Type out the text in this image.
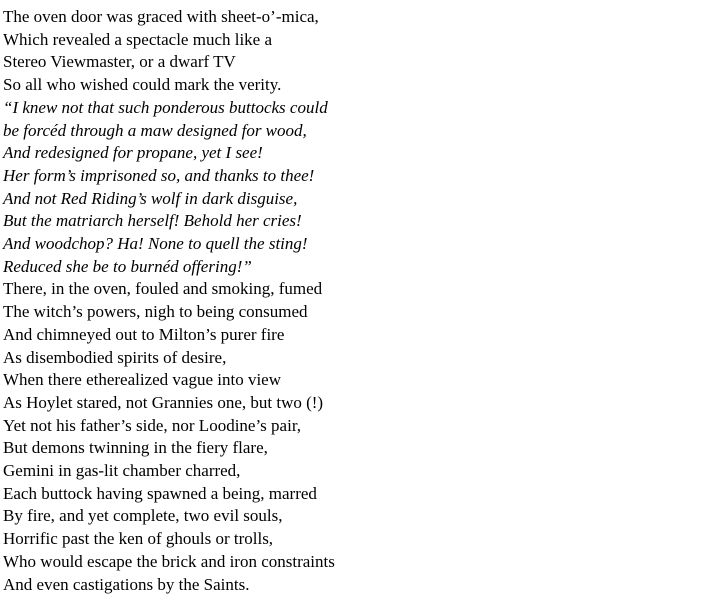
The oven door was graced with sheet-o’-mica,
Which revealed a spectacle much like a
Stereo Viewmaster, or a dwarf TV
So all who wished could mark the verity.
“I knew not that such ponderous buttocks could
be forcéd through a maw designed for wood,
And redesigned for propane, yet I see!
Her form’s imprisoned so, and thanks to thee!
And not Red Riding’s wolf in dark disguise,
But the matriarch herself! Behold her cries!
And woodchop? Ha! None to quell the sting!
Reduced she be to burnéd offering!”
There, in the oven, fouled and smoking, fumed
The witch’s powers, nigh to being consumed
And chimneyed out to Milton’s purer fire
As disembodied spirits of desire,
When there etherealized vague into view
As Hoylet stared, not Grannies one, but two (!)
Yet not his father’s side, nor Loodine’s pair,
But demons twinning in the fiery flare,
Gemini in gas-lit chamber charred,
Each buttock having spawned a being, marred
By fire, and yet complete, two evil souls,
Horrific past the ken of ghouls or trolls,
Who would escape the brick and iron constraints
And even castigations by the Saints.
